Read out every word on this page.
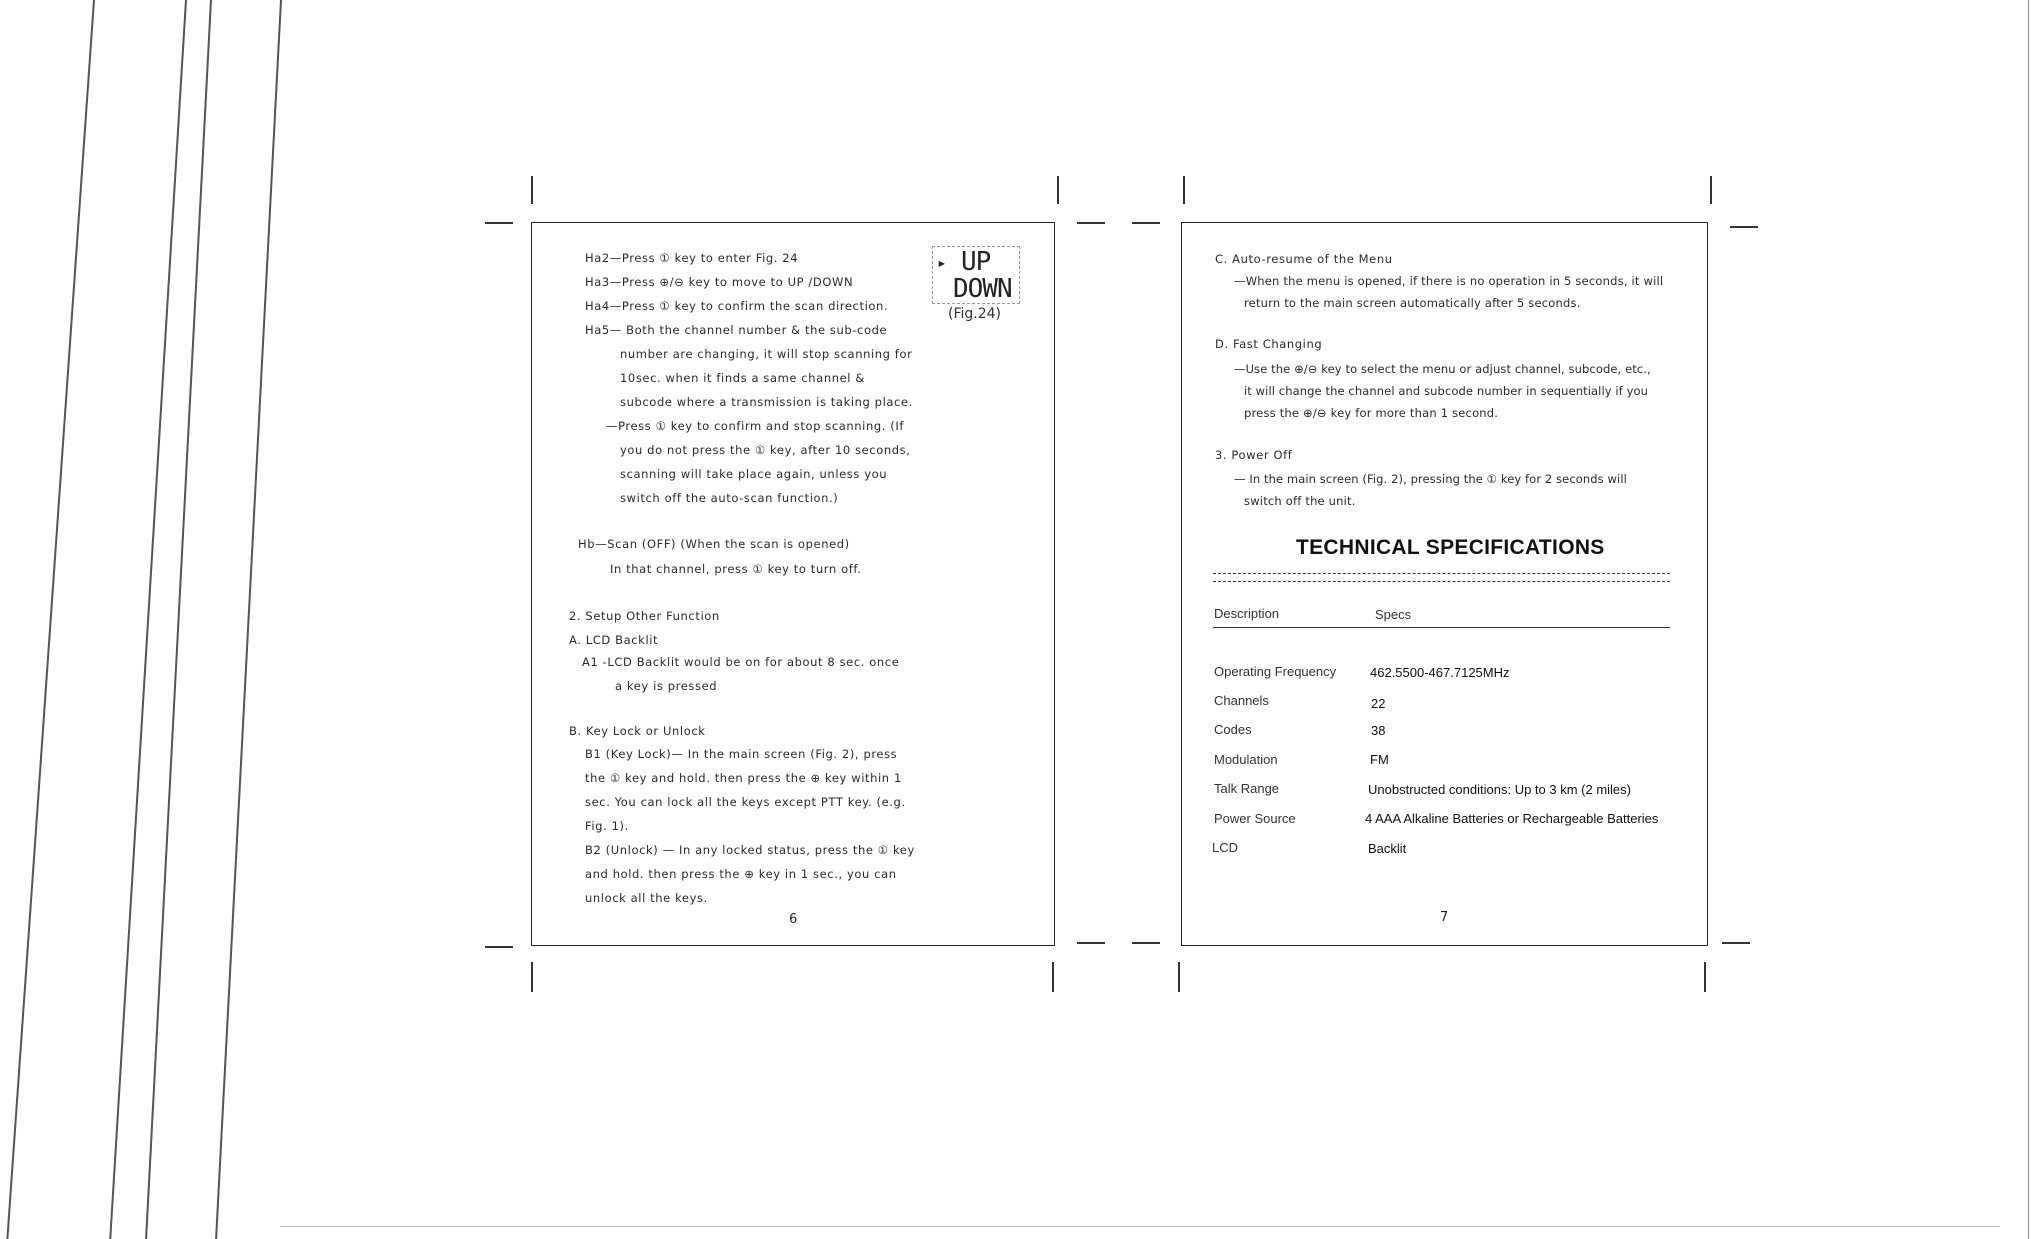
Ha2—Press ① key to enter Fig. 24
Ha3—Press ⊕/⊖ key to move to UP /DOWN
Ha4—Press ① key to confirm the scan direction.
Ha5— Both the channel number & the sub-code
number are changing, it will stop scanning for
10sec. when it finds a same channel &
subcode where a transmission is taking place.
—Press ① key to confirm and stop scanning. (If
you do not press the ① key, after 10 seconds,
scanning will take place again, unless you
switch off the auto-scan function.)
Hb—Scan (OFF) (When the scan is opened)
In that channel, press ① key to turn off.
2. Setup Other Function
A. LCD Backlit
A1 -LCD Backlit would be on for about 8 sec. once
a key is pressed
B. Key Lock or Unlock
B1 (Key Lock)— In the main screen (Fig. 2), press
the ① key and hold. then press the ⊕ key within 1
sec. You can lock all the keys except PTT key. (e.g.
Fig. 1).
B2 (Unlock) — In any locked status, press the ① key
and hold. then press the ⊕ key in 1 sec., you can
unlock all the keys.
▸ UP
DOWN
(Fig.24)
6
C. Auto-resume of the Menu
—When the menu is opened, if there is no operation in 5 seconds, it will
return to the main screen automatically after 5 seconds.
D. Fast Changing
—Use the ⊕/⊖ key to select the menu or adjust channel, subcode, etc.,
it will change the channel and subcode number in sequentially if you
press the ⊕/⊖ key for more than 1 second.
3. Power Off
— In the main screen (Fig. 2), pressing the ① key for 2 seconds will
switch off the unit.
TECHNICAL SPECIFICATIONS
Description	Specs
Operating Frequency	462.5500-467.7125MHz
Channels	22
Codes	38
Modulation	FM
Talk Range	Unobstructed conditions: Up to 3 km (2 miles)
Power Source	4 AAA Alkaline Batteries or Rechargeable Batteries
LCD	Backlit
7
